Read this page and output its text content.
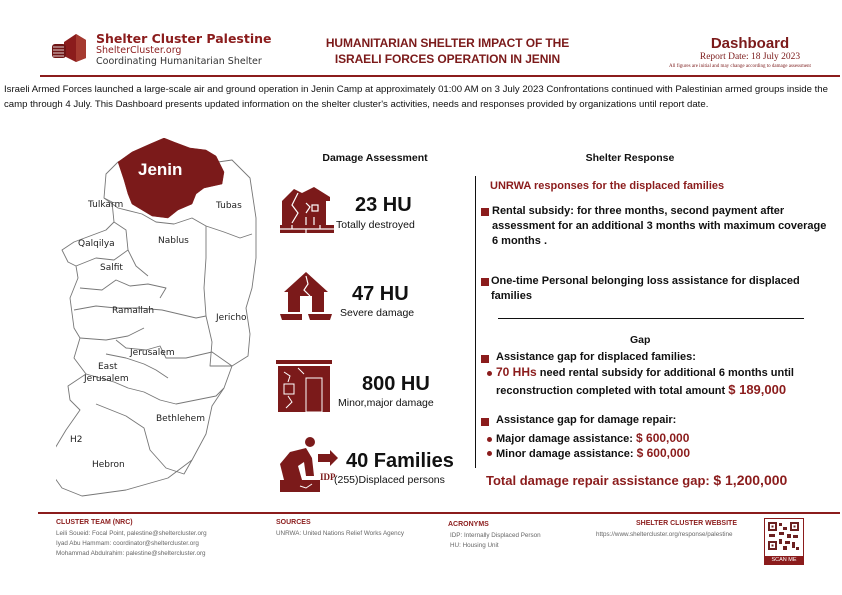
Shelter Cluster Palestine
ShelterCluster.org
Coordinating Humanitarian Shelter
HUMANITARIAN SHELTER IMPACT OF THE
ISRAELI FORCES OPERATION IN JENIN
Dashboard
Report Date: 18 July 2023
All figures are initial and may change according to damage assessment
Israeli Armed Forces launched a large-scale air and ground operation in Jenin Camp at approximately 01:00 AM on 3 July 2023 Confrontations continued with Palestinian armed groups inside the camp through 4 July. This Dashboard presents updated information on the shelter cluster's activities, needs and responses provided by organizations until report date.
Jenin
Tulkarm	Tubas
Qalqilya	Nablus
Salfit
Ramallah
Jericho
Jerusalem
East
Jerusalem
Bethlehem
H2
Hebron
Damage Assessment
23 HU
Totally destroyed
47 HU
Severe damage
800 HU
Minor,major damage
IDP
40 Families
(255)Displaced persons
Shelter Response
UNRWA responses for the displaced families
Rental subsidy: for three months, second payment after assessment for an additional 3 months with maximum coverage 6 months .
One-time Personal belonging loss assistance for displaced families
Gap
Assistance gap for displaced families:
70 HHs need rental subsidy for additional 6 months until
reconstruction completed with total amount $ 189,000
Assistance gap for damage repair:
Major damage assistance: $ 600,000
Minor damage assistance: $ 600,000
Total damage repair assistance gap: $ 1,200,000
CLUSTER TEAM (NRC)
Leili Soueid: Focal Point, palestine@sheltercluster.org
Iyad Abu Hammam: coordinator@sheltercluster.org
Mohammad Abdulrahim: palestine@sheltercluster.org
SOURCES
UNRWA: United Nations Relief Works Agency
ACRONYMS
IDP: Internally Displaced Person
HU: Housing Unit
SHELTER CLUSTER WEBSITE
https://www.sheltercluster.org/response/palestine
SCAN ME
